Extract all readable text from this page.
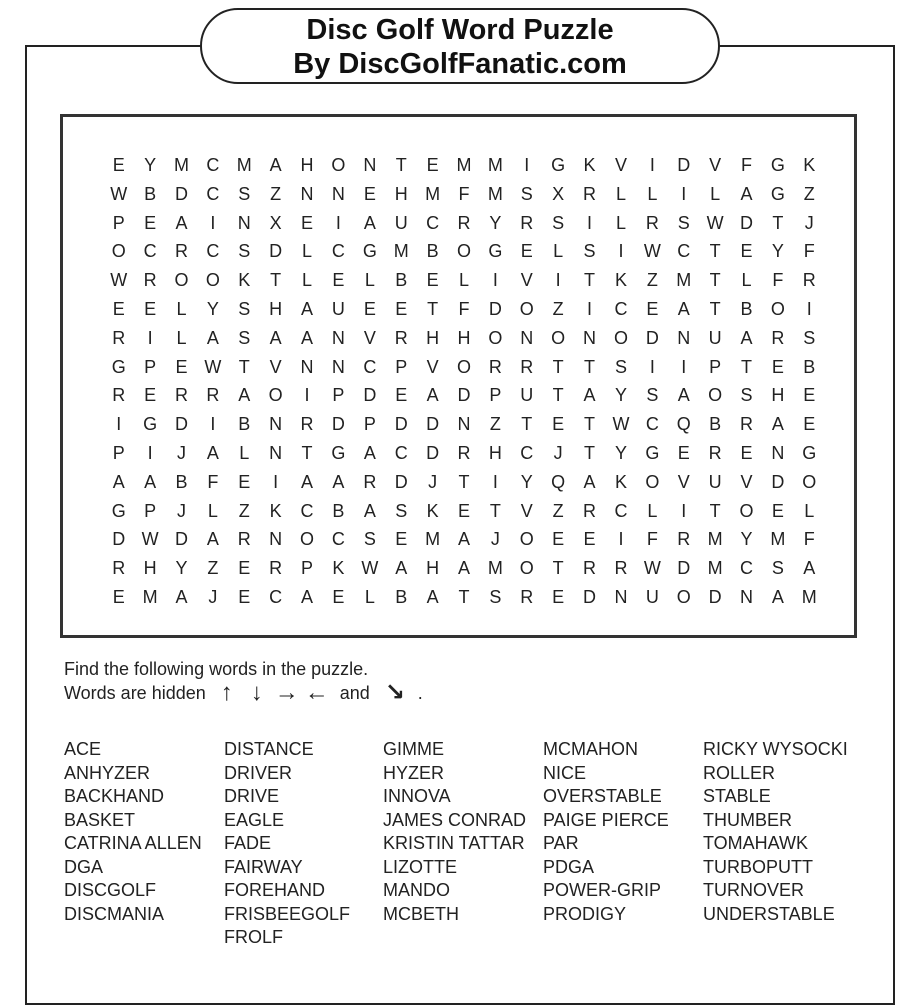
Disc Golf Word Puzzle
By DiscGolfFanatic.com
E	Y M C M A	H O N	T	E M M	I	G	K	V	I	D	V	F	G	K
W B	D	C	S	Z	N	N	E	H M	F	M S	X	R	L	L	I	L	A	G	Z
P	E	A	I	N	X	E	I	A	U	C	R	Y	R	S	I	L	R	S W D	T	J
O C	R	C	S	D	L	C G M B	O G	E	L	S	I	W C	T	E	Y	F
W R O O	K	T	L	E	L	B	E	L	I	V	I	T	K	Z	M	T	L	F	R
E	E	L	Y	S	H	A	U	E	E	T	F	D O	Z	I	C	E	A	T	B	O	I
R	I	L	A	S	A	A	N	V	R	H	H O N O N O D	N	U	A	R	S
G	P	E W T	V	N	N	C	P	V	O R	R	T	T	S	I	I	P	T	E	B
R	E	R	R	A	O	I	P	D	E	A	D	P	U	T	A	Y	S	A	O	S	H	E
I	G D	I	B	N	R	D	P	D	D	N	Z	T	E	T W C Q	B	R	A	E
P	I	J	A	L	N	T	G	A	C	D	R	H	C	J	T	Y	G	E	R	E	N G
A	A	B	F	E	I	A	A	R	D	J	T	I	Y	Q	A	K	O	V	U	V	D O
G	P	J	L	Z	K	C	B	A	S	K	E	T	V	Z	R	C	L	I	T	O	E	L
D W D	A	R	N O C	S	E M A	J	O	E	E	I	F	R M Y M	F
R	H	Y	Z	E	R	P	K W A	H	A M O	T	R	R W D M C	S	A
E M A	J	E	C	A	E	L	B	A	T	S	R	E	D	N	U O D	N	A M
Find the following words in the puzzle.
Words are hidden ↑ ↓ → ← and ↘ .
ACE
ANHYZER
BACKHAND
BASKET
CATRINA ALLEN
DGA
DISCGOLF
DISCMANIA
DISTANCE
DRIVER
DRIVE
EAGLE
FADE
FAIRWAY
FOREHAND
FRISBEEGOLF
FROLF
GIMME
HYZER
INNOVA
JAMES CONRAD
KRISTIN TATTAR
LIZOTTE
MANDO
MCBETH
MCMAHON
NICE
OVERSTABLE
PAIGE PIERCE
PAR
PDGA
POWER-GRIP
PRODIGY
RICKY WYSOCKI
ROLLER
STABLE
THUMBER
TOMAHAWK
TURBOPUTT
TURNOVER
UNDERSTABLE
